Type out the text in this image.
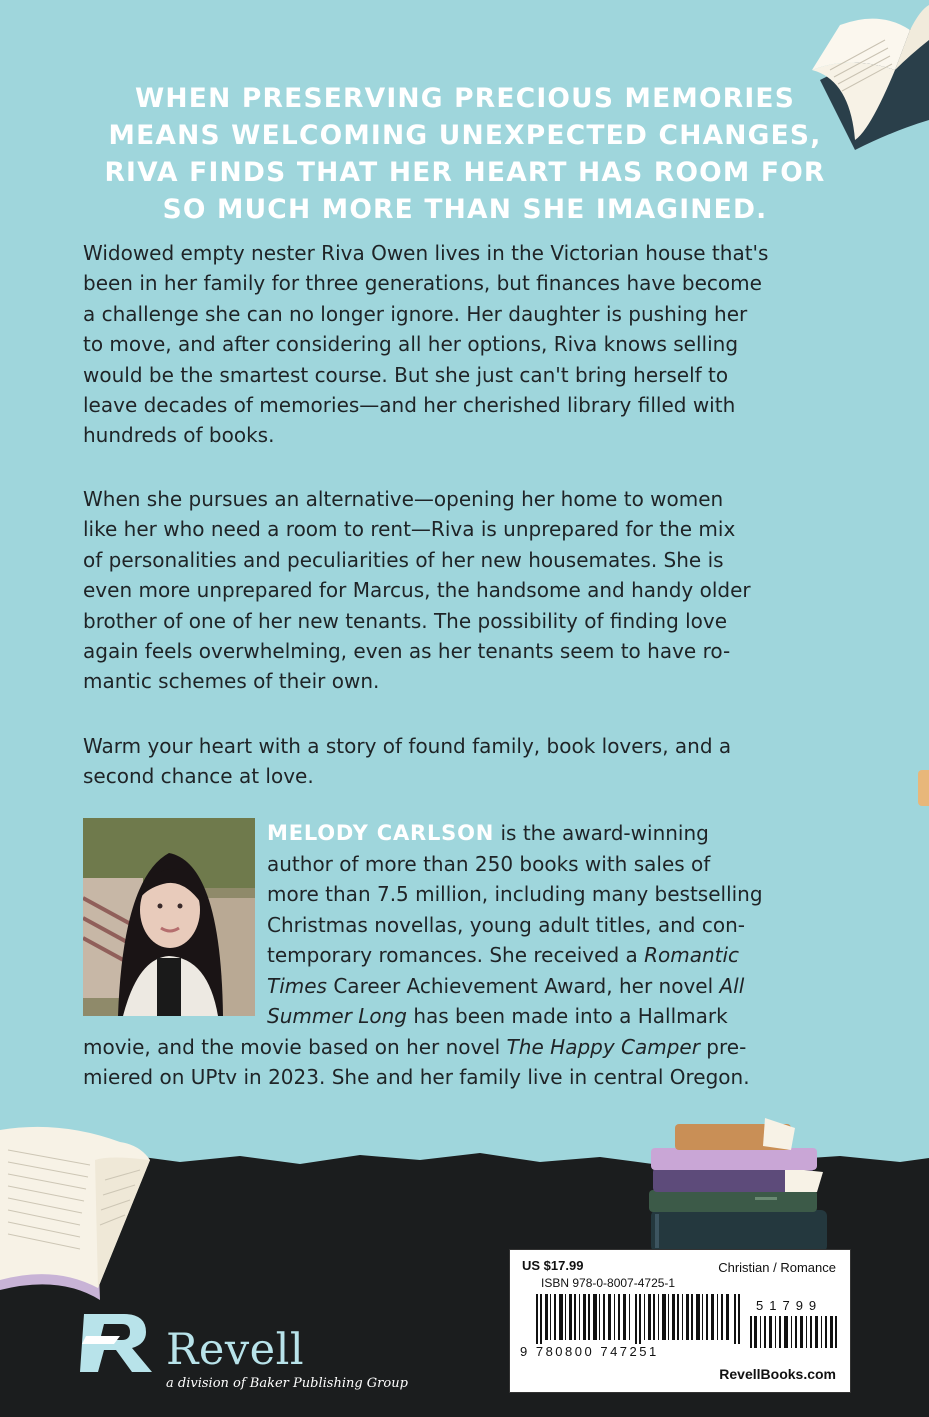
WHEN PRESERVING PRECIOUS MEMORIES
MEANS WELCOMING UNEXPECTED CHANGES,
RIVA FINDS THAT HER HEART HAS ROOM FOR
SO MUCH MORE THAN SHE IMAGINED.
Widowed empty nester Riva Owen lives in the Victorian house that's
been in her family for three generations, but finances have become
a challenge she can no longer ignore. Her daughter is pushing her
to move, and after considering all her options, Riva knows selling
would be the smartest course. But she just can't bring herself to
leave decades of memories—and her cherished library filled with
hundreds of books.
When she pursues an alternative—opening her home to women
like her who need a room to rent—Riva is unprepared for the mix
of personalities and peculiarities of her new housemates. She is
even more unprepared for Marcus, the handsome and handy older
brother of one of her new tenants. The possibility of finding love
again feels overwhelming, even as her tenants seem to have ro-
mantic schemes of their own.
Warm your heart with a story of found family, book lovers, and a
second chance at love.
MELODY CARLSON is the award-winning
author of more than 250 books with sales of
more than 7.5 million, including many bestselling
Christmas novellas, young adult titles, and con-
temporary romances. She received a Romantic
Times Career Achievement Award, her novel All
Summer Long has been made into a Hallmark
movie, and the movie based on her novel The Happy Camper pre-
miered on UPtv in 2023. She and her family live in central Oregon.
Revell
a division of Baker Publishing Group
US $17.99
ISBN 978-0-8007-4725-1
Christian / Romance
51799
9 780800 747251
RevellBooks.com
